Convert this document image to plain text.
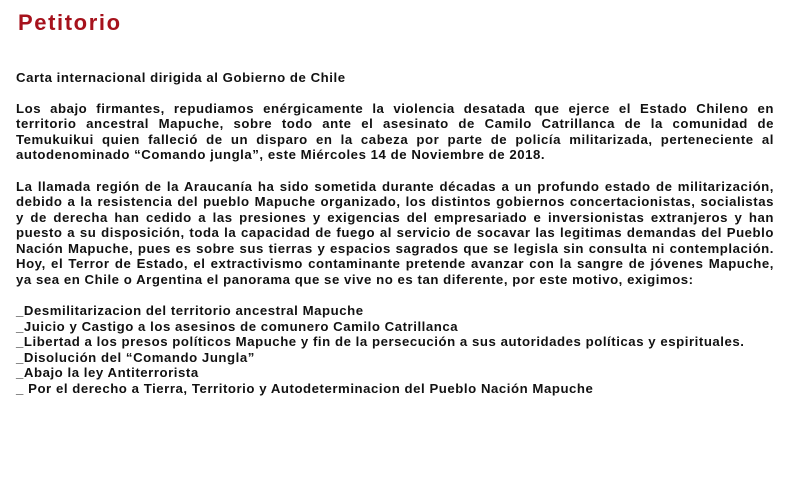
Petitorio

Carta internacional dirigida al Gobierno de Chile

Los abajo firmantes, repudiamos enérgicamente la violencia desatada que ejerce el Estado Chileno en territorio ancestral Mapuche, sobre todo ante el asesinato de Camilo Catrillanca de la comunidad de Temukuikui quien falleció de un disparo en la cabeza por parte de policía militarizada, perteneciente al autodenominado “Comando jungla”, este Miércoles 14 de Noviembre de 2018.

La llamada región de la Araucanía ha sido sometida durante décadas a un profundo estado de militarización, debido a la resistencia del pueblo Mapuche organizado, los distintos gobiernos concertacionistas, socialistas y de derecha han cedido a las presiones y exigencias del empresariado e inversionistas extranjeros y han puesto a su disposición, toda la capacidad de fuego al servicio de socavar las legitimas demandas del Pueblo Nación Mapuche, pues es sobre sus tierras y espacios sagrados que se legisla sin consulta ni contemplación. Hoy, el Terror de Estado, el extractivismo contaminante pretende avanzar con la sangre de jóvenes Mapuche, ya sea en Chile o Argentina el panorama que se vive no es tan diferente, por este motivo, exigimos:

_Desmilitarizacion del territorio ancestral Mapuche
_Juicio y Castigo a los asesinos de comunero Camilo Catrillanca
_Libertad a los presos políticos Mapuche y fin de la persecución a sus autoridades políticas y espirituales.
_Disolución del “Comando Jungla”
_Abajo la ley Antiterrorista
_ Por el derecho a Tierra, Territorio y Autodeterminacion del Pueblo Nación Mapuche
